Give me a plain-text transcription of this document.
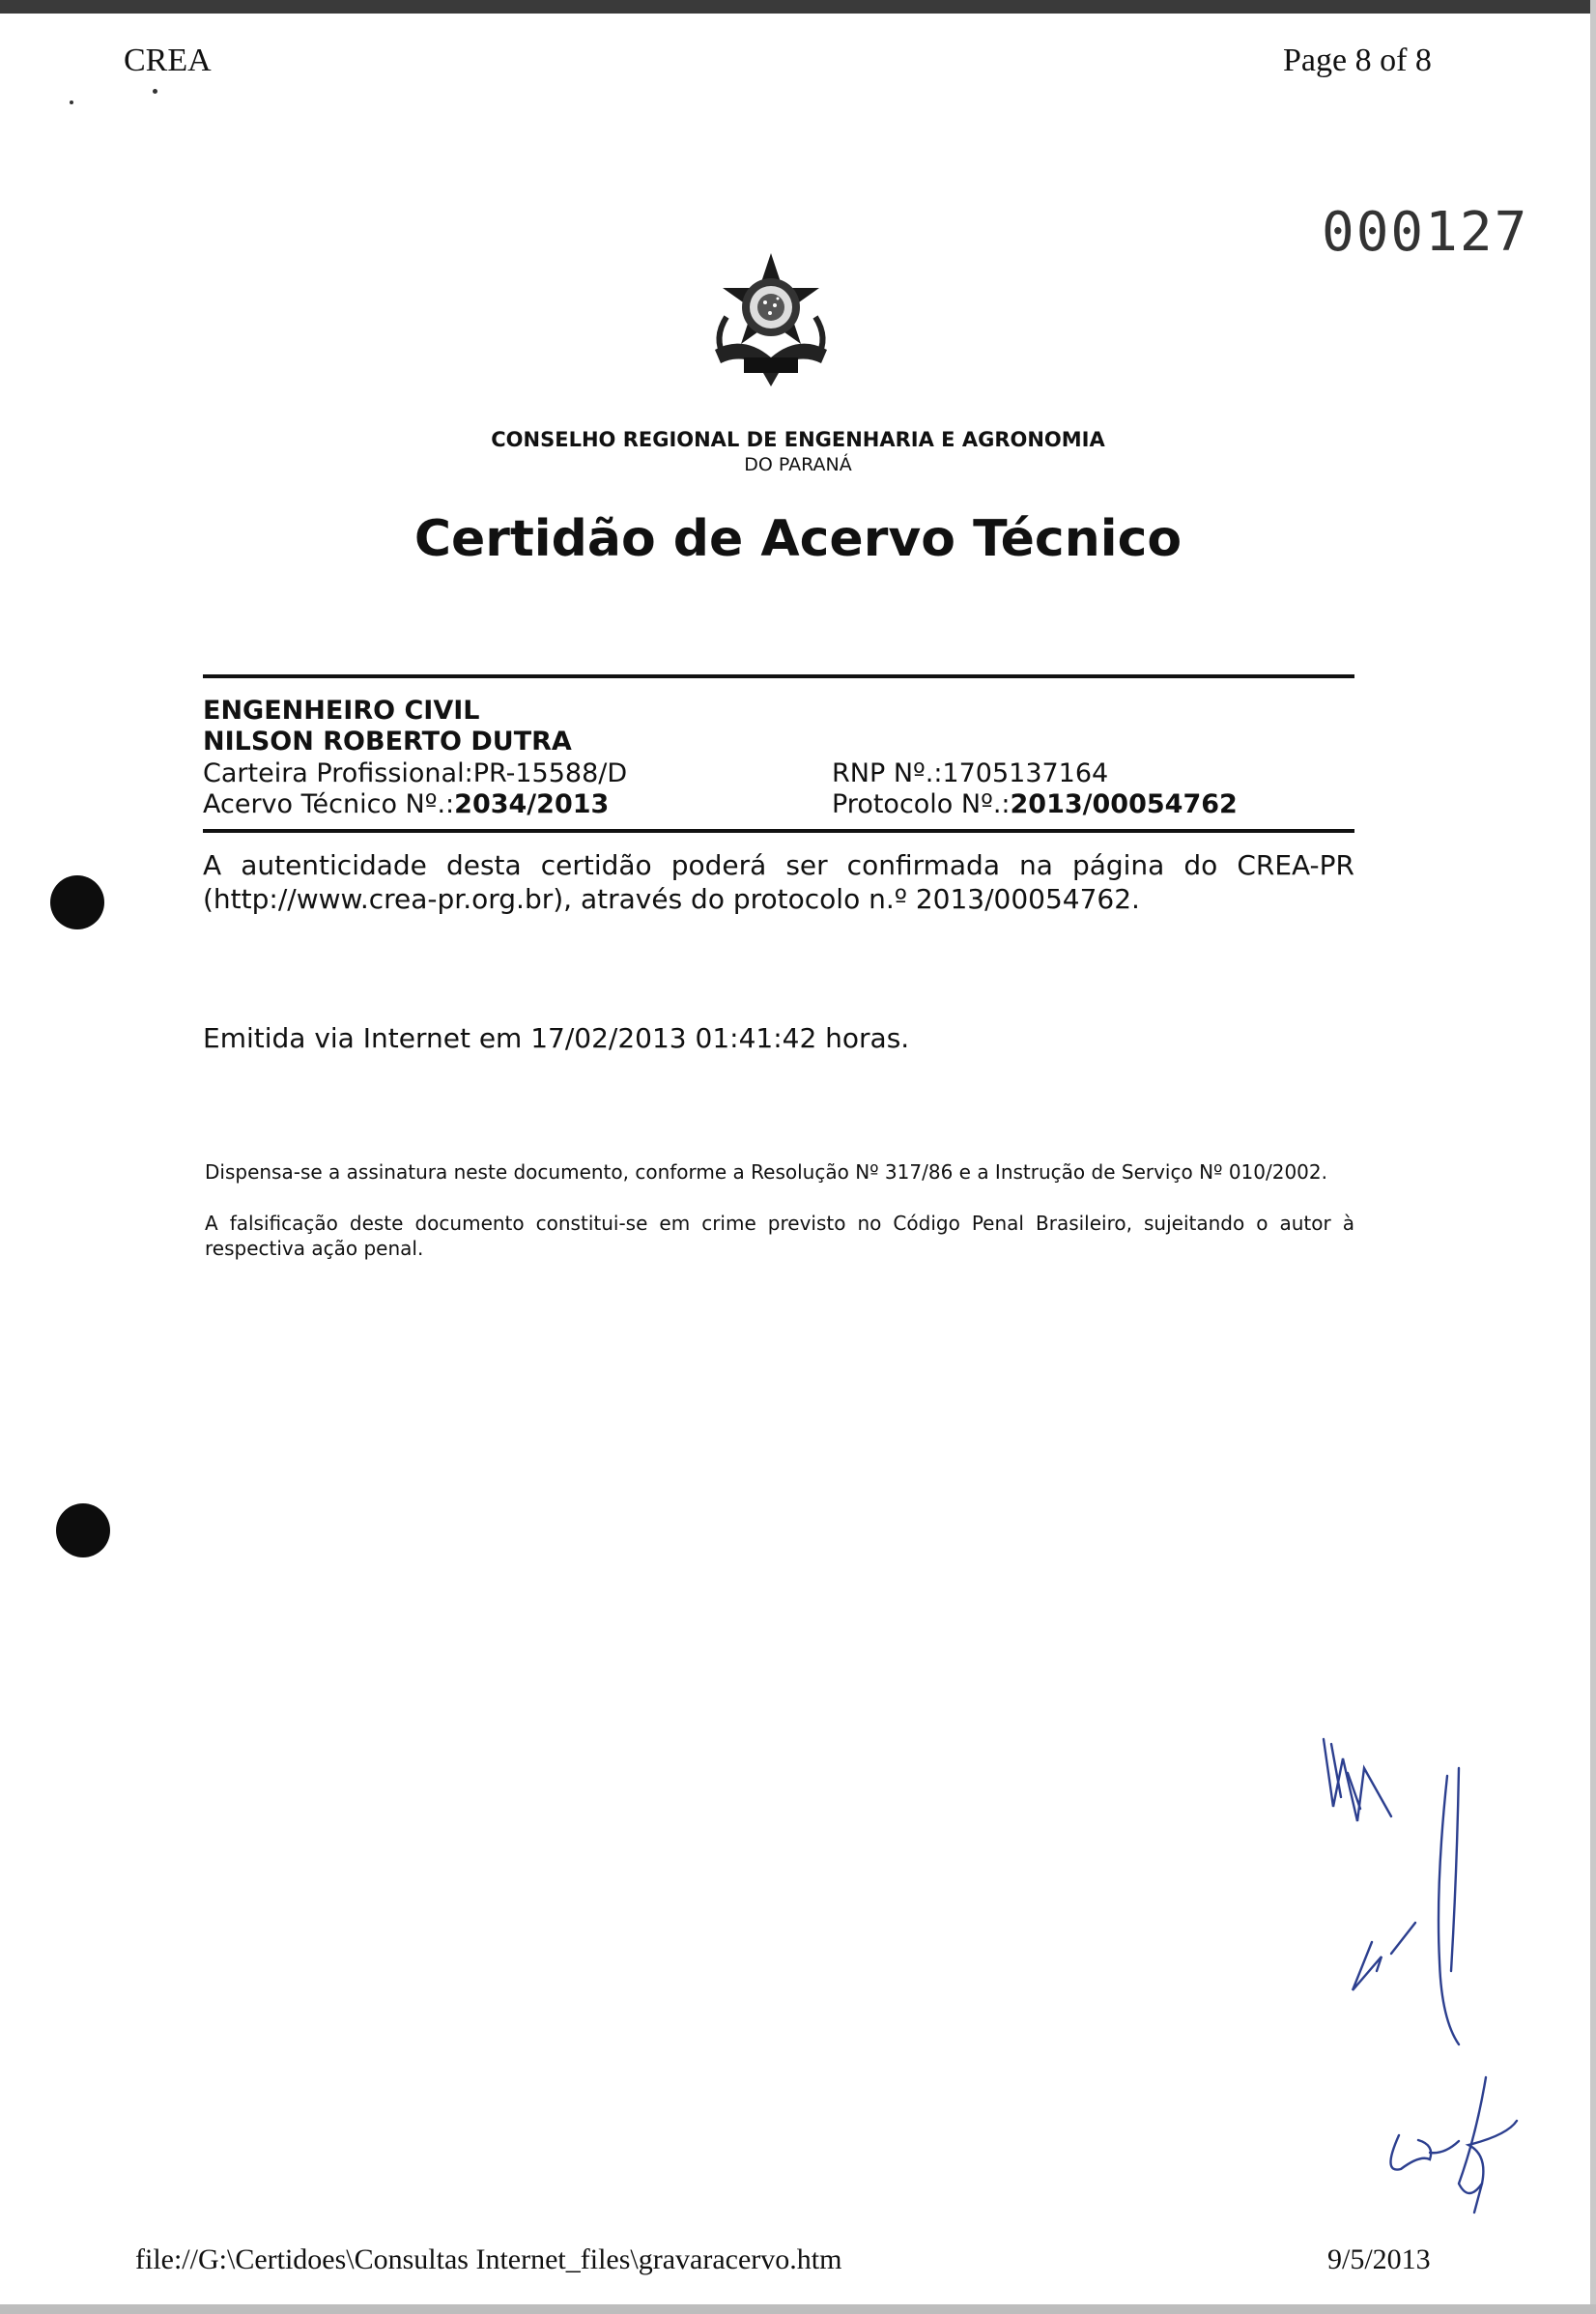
CREA	Page 8 of 8
000127
CONSELHO REGIONAL DE ENGENHARIA E AGRONOMIA
DO PARANÁ
Certidão de Acervo Técnico
ENGENHEIRO CIVIL
NILSON ROBERTO DUTRA
Carteira Profissional:PR-15588/D
Acervo Técnico Nº.:2034/2013
RNP Nº.:1705137164
Protocolo Nº.:2013/00054762
A autenticidade desta certidão poderá ser confirmada na página do CREA-PR (http://www.crea-pr.org.br), através do protocolo n.º 2013/00054762.
Emitida via Internet em 17/02/2013 01:41:42 horas.
Dispensa-se a assinatura neste documento, conforme a Resolução Nº 317/86 e a Instrução de Serviço Nº 010/2002.
A falsificação deste documento constitui-se em crime previsto no Código Penal Brasileiro, sujeitando o autor à respectiva ação penal.
file://G:\Certidoes\Consultas Internet_files\gravaracervo.htm	9/5/2013
